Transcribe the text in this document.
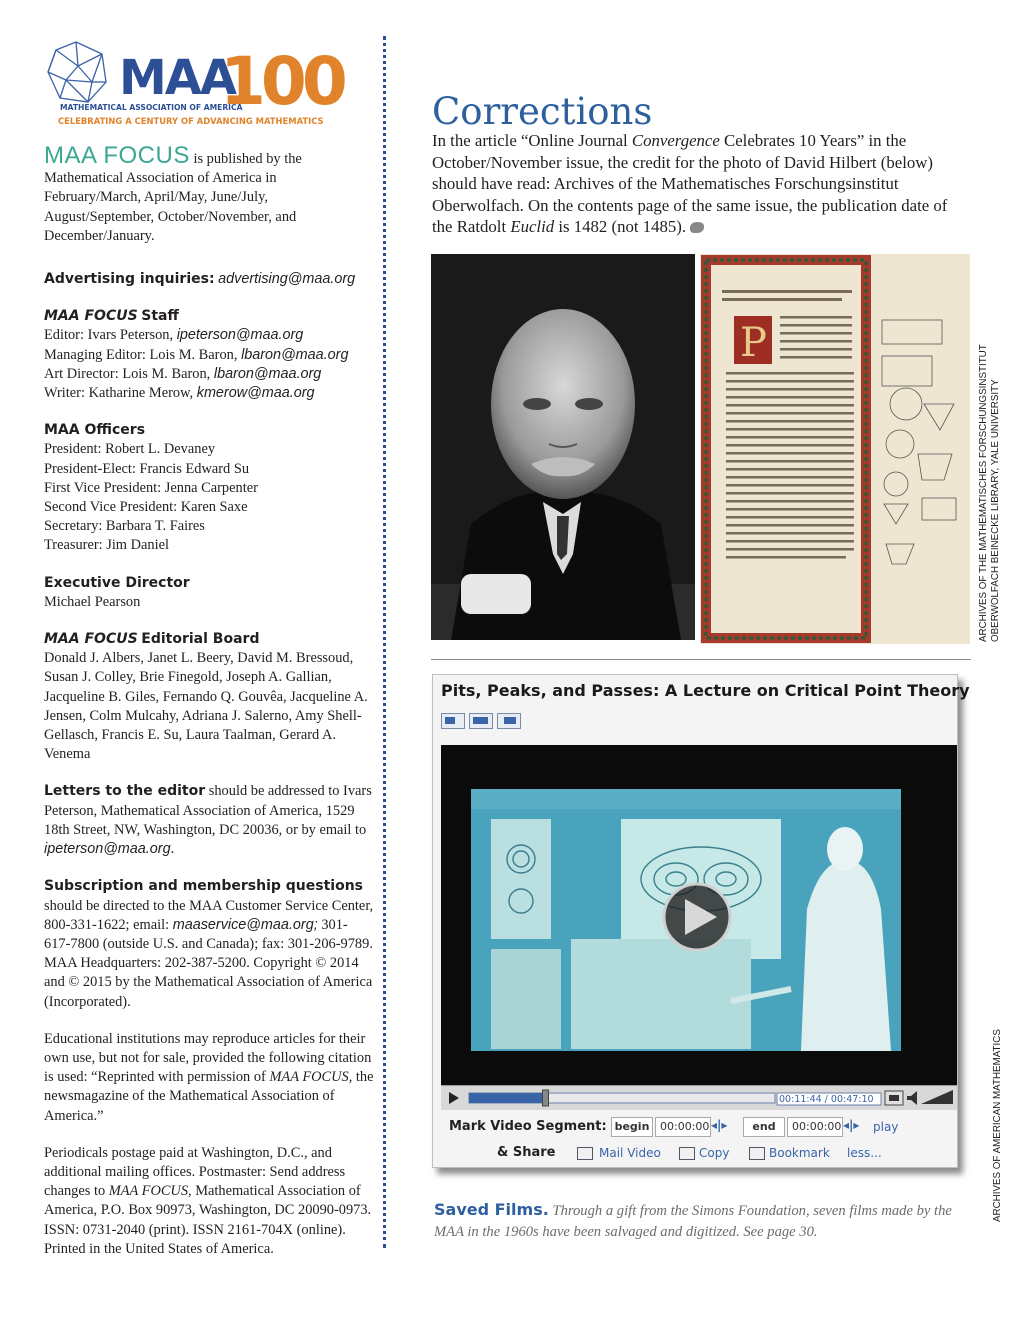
MAA
100
MATHEMATICAL ASSOCIATION OF AMERICA
CELEBRATING A CENTURY OF ADVANCING MATHEMATICS

MAA FOCUS is published by the Mathematical Association of America in February/March, April/May, June/July, August/September, October/November, and December/January.

Advertising inquiries: advertising@maa.org

MAA FOCUS Staff

Editor: Ivars Peterson, ipeterson@maa.org

Managing Editor: Lois M. Baron, lbaron@maa.org

Art Director: Lois M. Baron, lbaron@maa.org

Writer: Katharine Merow, kmerow@maa.org

MAA Officers

President: Robert L. Devaney

President-Elect: Francis Edward Su

First Vice President: Jenna Carpenter

Second Vice President: Karen Saxe

Secretary: Barbara T. Faires

Treasurer: Jim Daniel

Executive Director

Michael Pearson

MAA FOCUS Editorial Board

Donald J. Albers, Janet L. Beery, David M. Bressoud, Susan J. Colley, Brie Finegold, Joseph A. Gallian, Jacqueline B. Giles, Fernando Q. Gouvêa, Jacqueline A. Jensen, Colm Mulcahy, Adriana J. Salerno, Amy Shell-Gellasch, Francis E. Su, Laura Taalman, Gerard A. Venema

Letters to the editor should be addressed to Ivars Peterson, Mathematical Association of America, 1529 18th Street, NW, Washington, DC 20036, or by email to ipeterson@maa.org.

Subscription and membership questions should be directed to the MAA Customer Service Center, 800-331-1622; email: maaservice@maa.org; 301-617-7800 (outside U.S. and Canada); fax: 301-206-9789. MAA Headquarters: 202-387-5200. Copyright © 2014 and © 2015 by the Mathematical Association of America (Incorporated).

Educational institutions may reproduce articles for their own use, but not for sale, provided the following citation is used: “Reprinted with permission of MAA FOCUS, the newsmagazine of the Mathematical Association of America.”

Periodicals postage paid at Washington, D.C., and additional mailing offices. Postmaster: Send address changes to MAA FOCUS, Mathematical Association of America, P.O. Box 90973, Washington, DC 20090-0973. ISSN: 0731-2040 (print). ISSN 2161-704X (online). Printed in the United States of America.

Corrections

In the article “Online Journal Convergence Celebrates 10 Years” in the October/November issue, the credit for the photo of David Hilbert (below) should have read: Archives of the Mathematisches Forschungsinstitut Oberwolfach. On the contents page of the same issue, the publication date of the Ratdolt Euclid is 1482 (not 1485).

P
ARCHIVES OF THE MATHEMATISCHES FORSCHUNGSINSTITUT OBERWOLFACH BEINECKE LIBRARY, YALE UNIVERSITY
Pits, Peaks, and Passes: A Lecture on Critical Point Theory
00:11:44 / 00:47:10
Mark Video Segment: begin 00:00:00 ◂|▸	end	00:00:00 ◂|▸ play
& Share	Mail Video	Copy	Bookmark less...	ARCHIVES OF AMERICAN MATHEMATICS

Saved Films. Through a gift from the Simons Foundation, seven films made by the MAA in the 1960s have been salvaged and digitized. See page 30.
